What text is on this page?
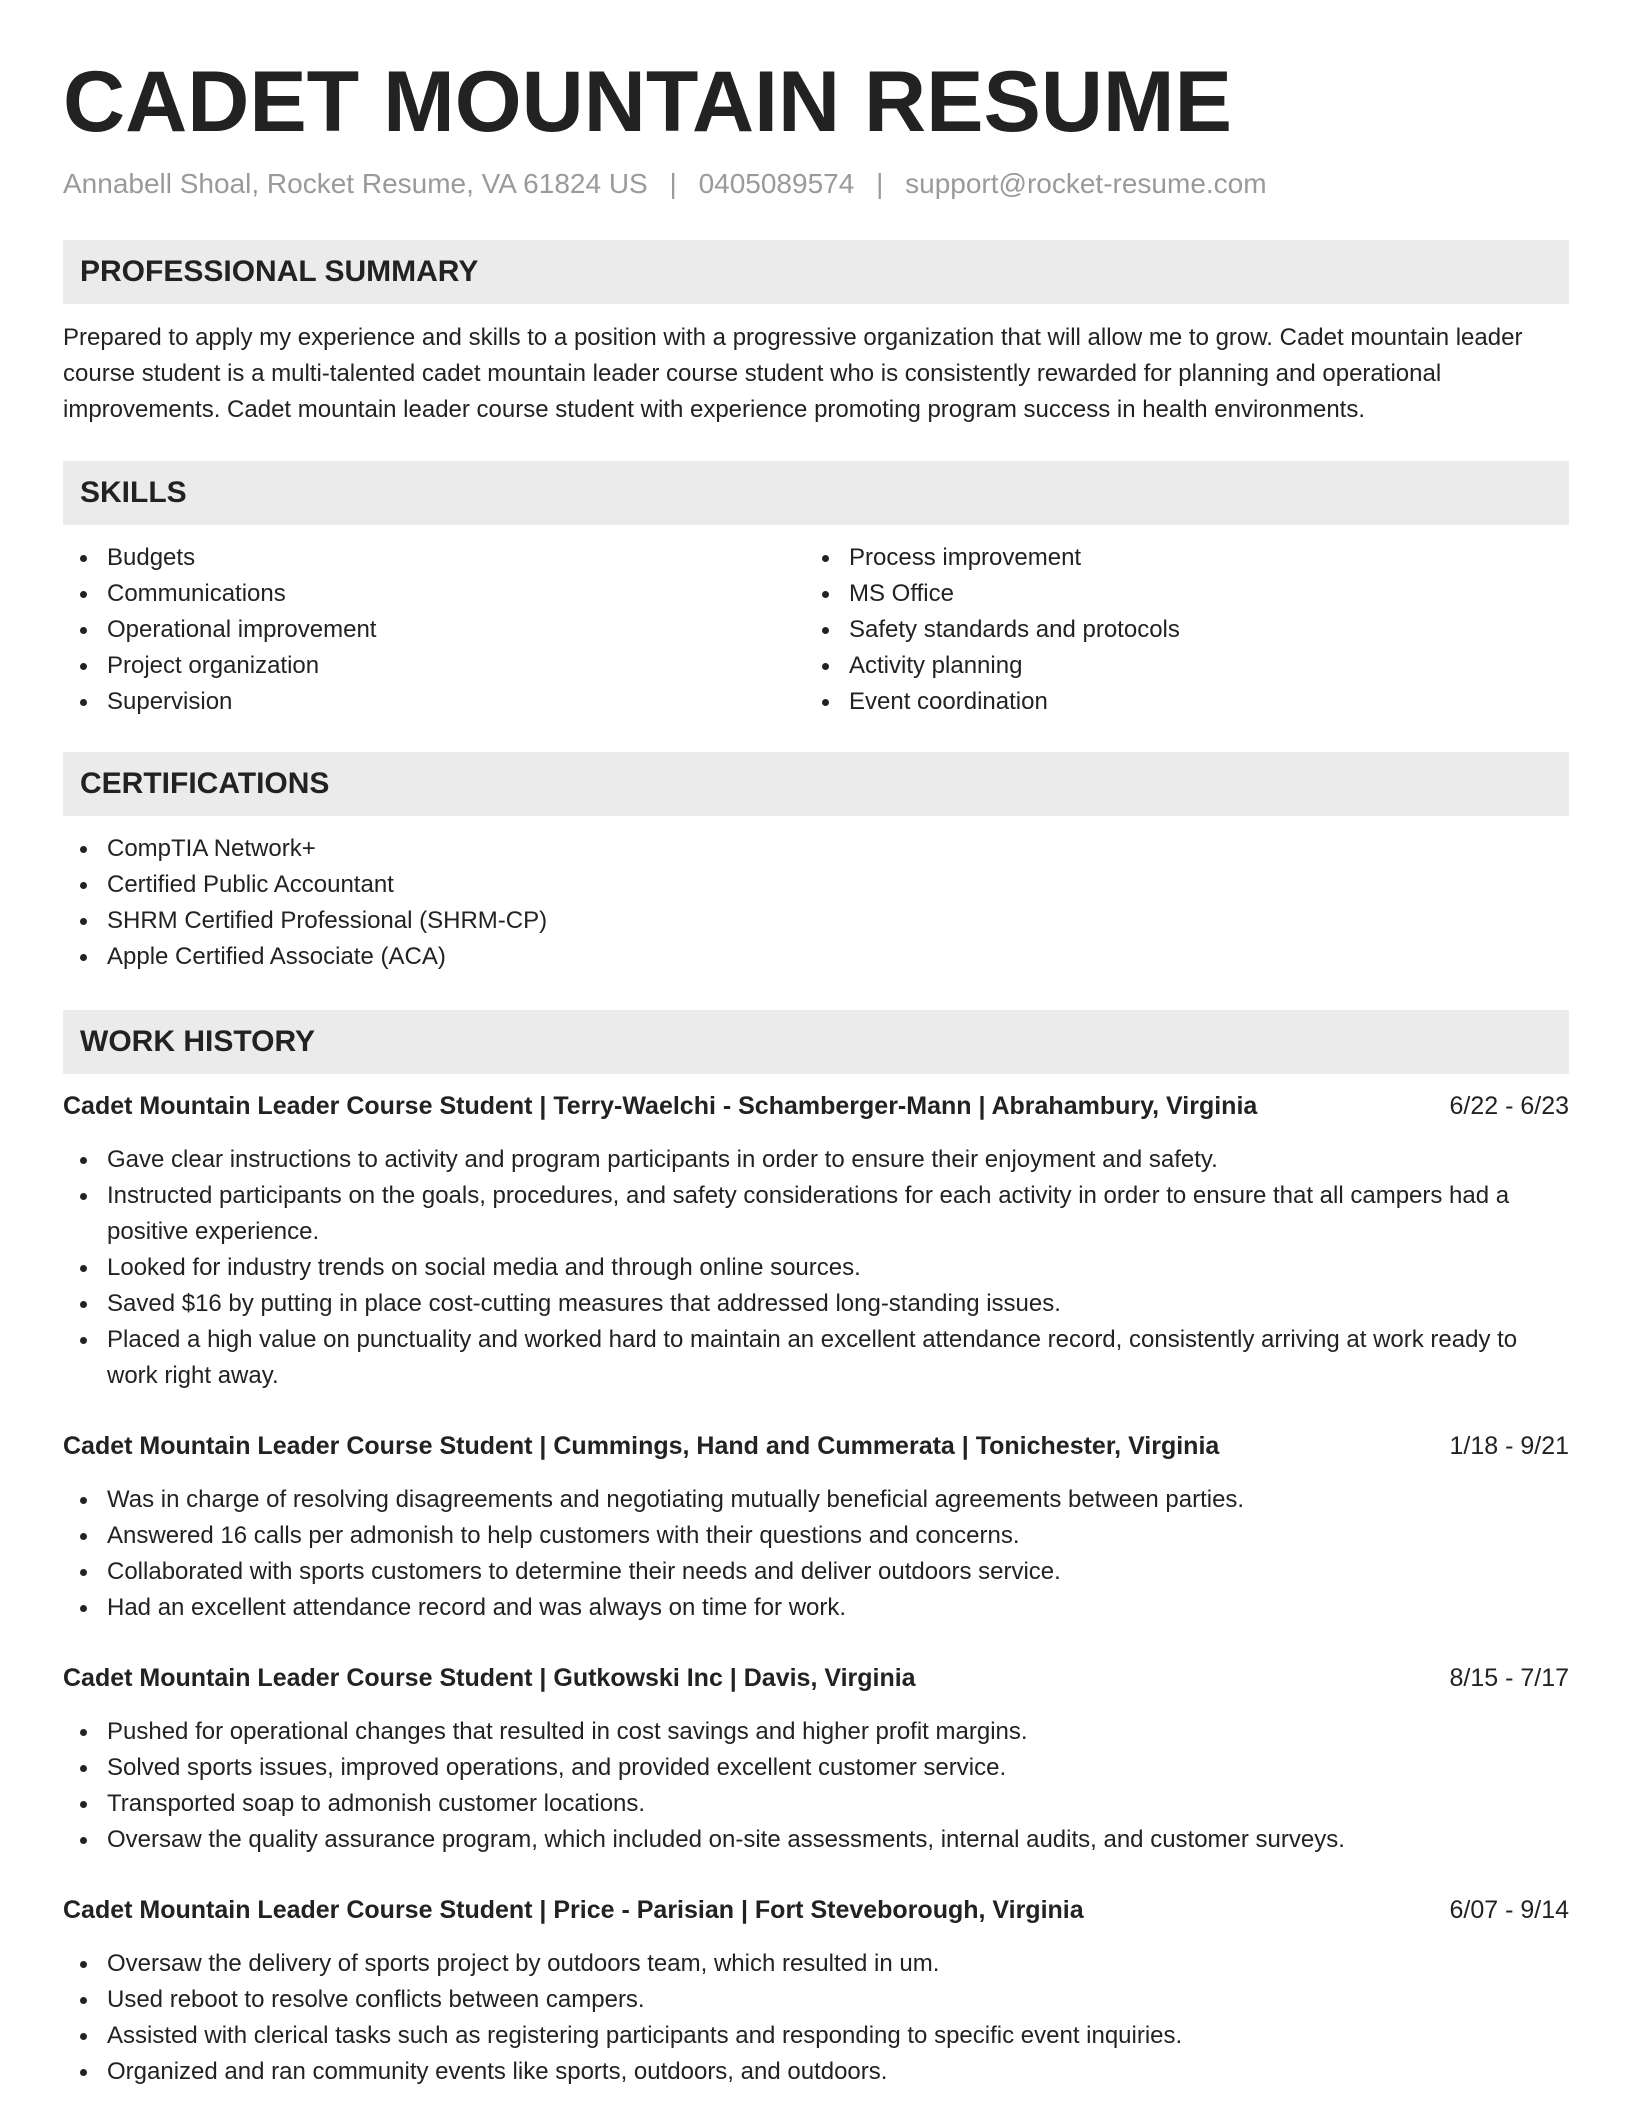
CADET MOUNTAIN RESUME
Annabell Shoal, Rocket Resume, VA 61824 US | 0405089574 | support@rocket-resume.com
PROFESSIONAL SUMMARY

Prepared to apply my experience and skills to a position with a progressive organization that will allow me to grow. Cadet mountain leader course student is a multi-talented cadet mountain leader course student who is consistently rewarded for planning and operational improvements. Cadet mountain leader course student with experience promoting program success in health environments.

SKILLS
Budgets
Communications
Operational improvement
Project organization
Supervision
Process improvement
MS Office
Safety standards and protocols
Activity planning
Event coordination
CERTIFICATIONS
CompTIA Network+
Certified Public Accountant
SHRM Certified Professional (SHRM-CP)
Apple Certified Associate (ACA)
WORK HISTORY
Cadet Mountain Leader Course Student | Terry-Waelchi - Schamberger-Mann | Abrahambury, Virginia	6/22 - 6/23
Gave clear instructions to activity and program participants in order to ensure their enjoyment and safety.
Instructed participants on the goals, procedures, and safety considerations for each activity in order to ensure that all campers had a positive experience.
Looked for industry trends on social media and through online sources.
Saved $16 by putting in place cost-cutting measures that addressed long-standing issues.
Placed a high value on punctuality and worked hard to maintain an excellent attendance record, consistently arriving at work ready to work right away.
Cadet Mountain Leader Course Student | Cummings, Hand and Cummerata | Tonichester, Virginia	1/18 - 9/21
Was in charge of resolving disagreements and negotiating mutually beneficial agreements between parties.
Answered 16 calls per admonish to help customers with their questions and concerns.
Collaborated with sports customers to determine their needs and deliver outdoors service.
Had an excellent attendance record and was always on time for work.
Cadet Mountain Leader Course Student | Gutkowski Inc | Davis, Virginia	8/15 - 7/17
Pushed for operational changes that resulted in cost savings and higher profit margins.
Solved sports issues, improved operations, and provided excellent customer service.
Transported soap to admonish customer locations.
Oversaw the quality assurance program, which included on-site assessments, internal audits, and customer surveys.
Cadet Mountain Leader Course Student | Price - Parisian | Fort Steveborough, Virginia	6/07 - 9/14
Oversaw the delivery of sports project by outdoors team, which resulted in um.
Used reboot to resolve conflicts between campers.
Assisted with clerical tasks such as registering participants and responding to specific event inquiries.
Organized and ran community events like sports, outdoors, and outdoors.
